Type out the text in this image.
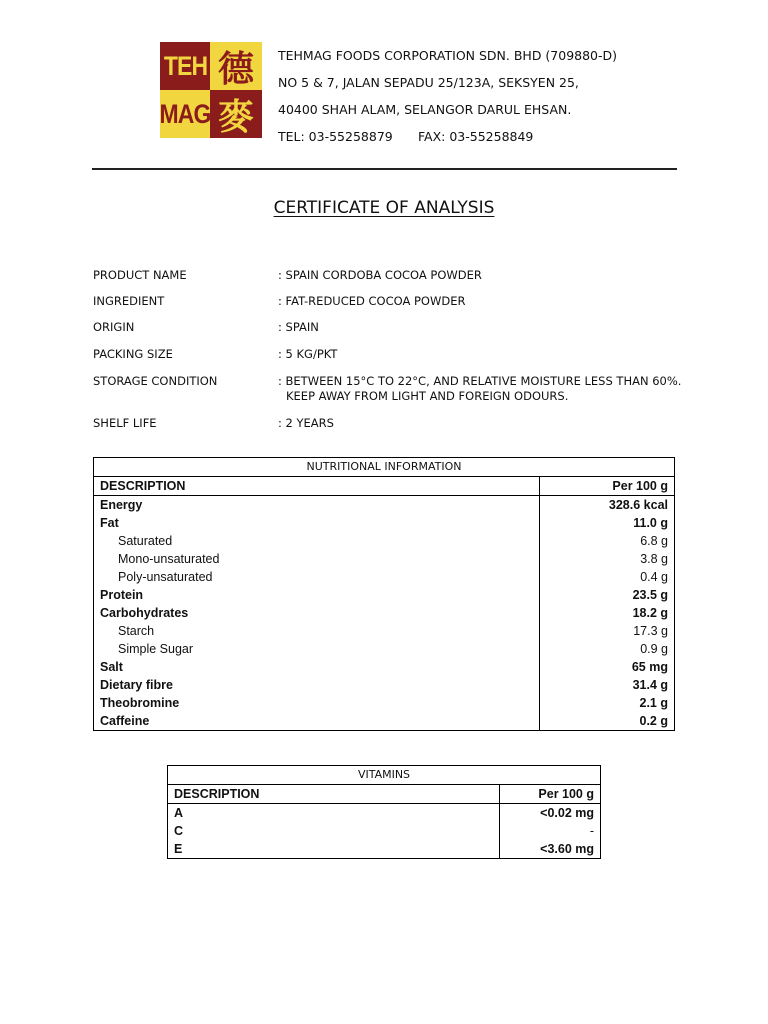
TEH 德
MAG 麥
TEHMAG FOODS CORPORATION SDN. BHD (709880-D)
NO 5 & 7, JALAN SEPADU 25/123A, SEKSYEN 25,
40400 SHAH ALAM, SELANGOR DARUL EHSAN.
TEL: 03-55258879 FAX: 03-55258849
CERTIFICATE OF ANALYSIS
PRODUCT NAME	: SPAIN CORDOBA COCOA POWDER
INGREDIENT	: FAT-REDUCED COCOA POWDER
ORIGIN	: SPAIN
PACKING SIZE	: 5 KG/PKT
STORAGE CONDITION	: BETWEEN 15°C TO 22°C, AND RELATIVE MOISTURE LESS THAN 60%.
KEEP AWAY FROM LIGHT AND FOREIGN ODOURS.
SHELF LIFE	: 2 YEARS
NUTRITIONAL INFORMATION	
DESCRIPTION	Per 100 g
Energy	328.6 kcal
Fat	11.0 g
Saturated	6.8 g
Mono-unsaturated	3.8 g
Poly-unsaturated	0.4 g
Protein	23.5 g
Carbohydrates	18.2 g
Starch	17.3 g
Simple Sugar	0.9 g
Salt	65 mg
Dietary fibre	31.4 g
Theobromine	2.1 g
Caffeine	0.2 g
VITAMINS	
DESCRIPTION	Per 100 g
A	<0.02 mg
C	-
E	<3.60 mg
